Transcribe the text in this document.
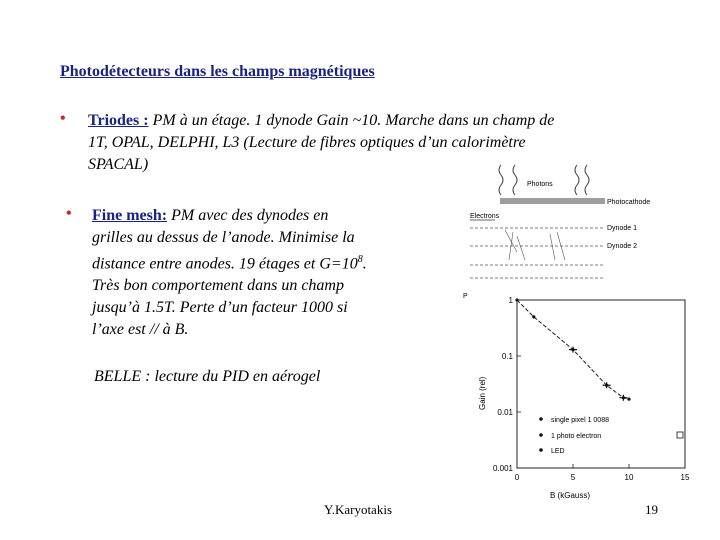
Photodétecteurs dans les champs magnétiques
• Triodes : PM à un étage. 1 dynode Gain ~10. Marche dans un champ de
1T, OPAL, DELPHI, L3 (Lecture de fibres optiques d’un calorimètre
SPACAL)
• Fine mesh: PM avec des dynodes en
grilles au dessus de l’anode. Minimise la
distance entre anodes. 19 étages et $G=10^8$.
Très bon comportement dans un champ
jusqu’à 1.5T. Perte d’un facteur 1000 si
l’axe est // à B.
BELLE : lecture du PID en aérogel
Photons
Photocathode
Electrons
Dynode 1
Dynode 2
P	1
0.1
0.01
0.001
0	5	10	15
single pixel 1 0088
1 photo electron
LED
Gain (rel)
B (kGauss)
Y.Karyotakis	19
